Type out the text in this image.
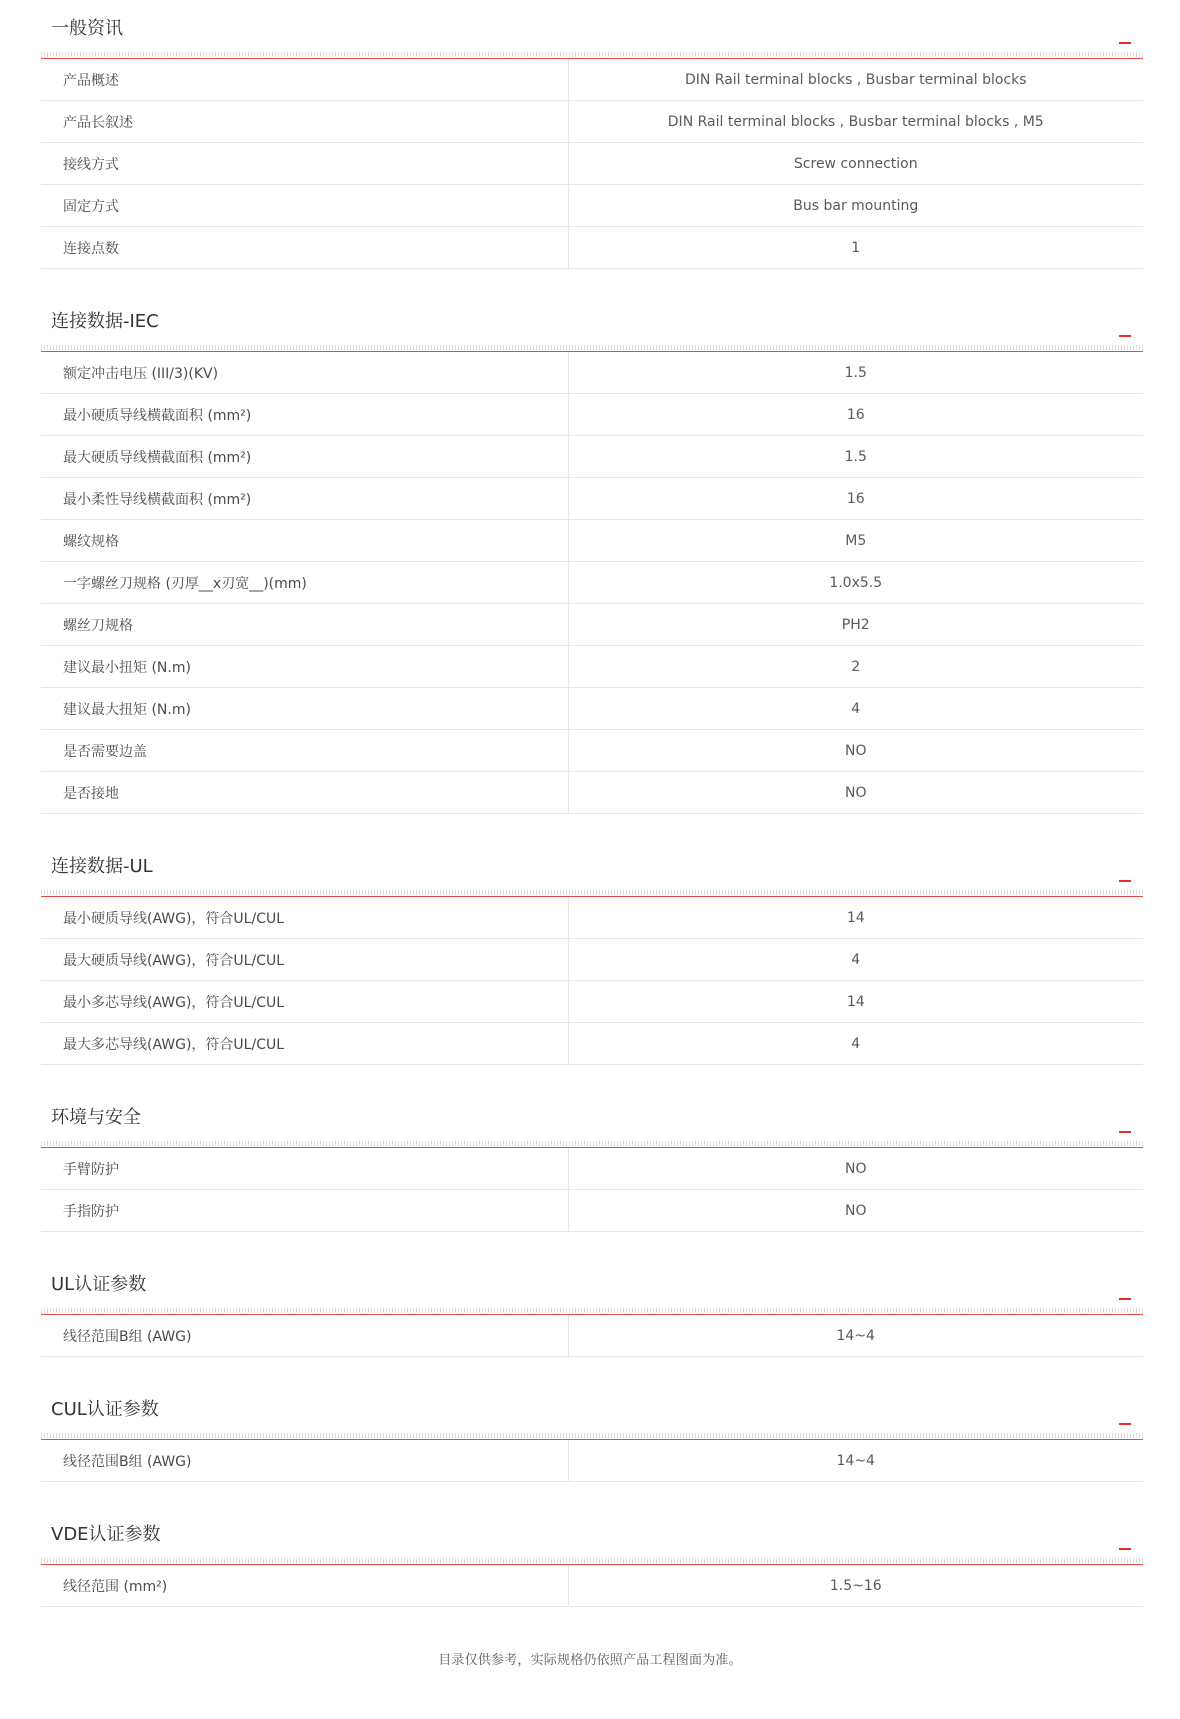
一般资讯
产品概述	DIN Rail terminal blocks , Busbar terminal blocks
产品长叙述	DIN Rail terminal blocks , Busbar terminal blocks , M5
接线方式	Screw connection
固定方式	Bus bar mounting
连接点数	1
连接数据-IEC
额定冲击电压 (III/3)(KV)	1.5
最小硬质导线横截面积 (mm²)	16
最大硬质导线横截面积 (mm²)	1.5
最小柔性导线横截面积 (mm²)	16
螺纹规格	M5
一字螺丝刀规格 (刃厚__x刃宽__)(mm)	1.0x5.5
螺丝刀规格	PH2
建议最小扭矩 (N.m)	2
建议最大扭矩 (N.m)	4
是否需要边盖	NO
是否接地	NO
连接数据-UL
最小硬质导线(AWG)，符合UL/CUL	14
最大硬质导线(AWG)，符合UL/CUL	4
最小多芯导线(AWG)，符合UL/CUL	14
最大多芯导线(AWG)，符合UL/CUL	4
环境与安全
手臂防护	NO
手指防护	NO
UL认证参数
线径范围B组 (AWG)	14~4
CUL认证参数
线径范围B组 (AWG)	14~4
VDE认证参数
线径范围 (mm²)	1.5~16
目录仅供参考，实际规格仍依照产品工程图面为准。
